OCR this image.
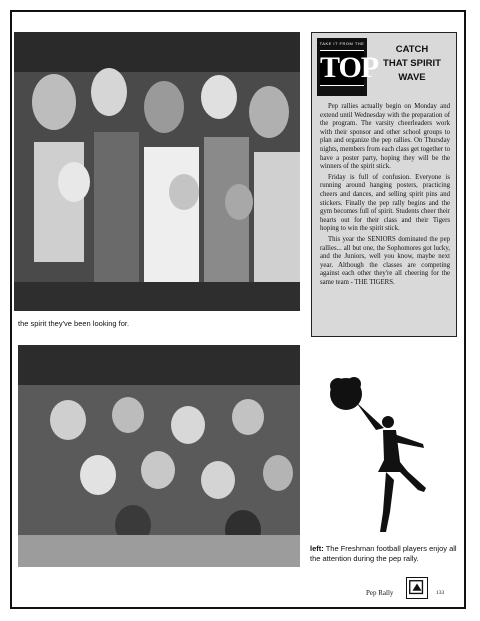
the spirit they've been looking for.
TAKE IT FROM THE
TOP
CATCH
THAT SPIRIT
WAVE

Pep rallies actually begin on Monday and extend until Wednesday with the preparation of the program. The varsity cheerleaders work with their sponsor and other school groups to plan and organize the pep rallies. On Thursday nights, members from each class get together to have a poster party, hoping they will be the winners of the spirit stick.

Friday is full of confusion. Everyone is running around hanging posters, practicing cheers and dances, and selling spirit pins and stickers. Finally the pep rally begins and the gym becomes full of spirit. Students cheer their hearts out for their class and their Tigers hoping to win the spirit stick.

This year the SENIORS dominated the pep rallies... all but one, the Sophomores got lucky, and the Juniors, well you know, maybe next year. Although the classes are competing against each other they're all cheering for the same team - THE TIGERS.

left: The Freshman football players enjoy all the attention during the pep rally.
Pep Rally	133
